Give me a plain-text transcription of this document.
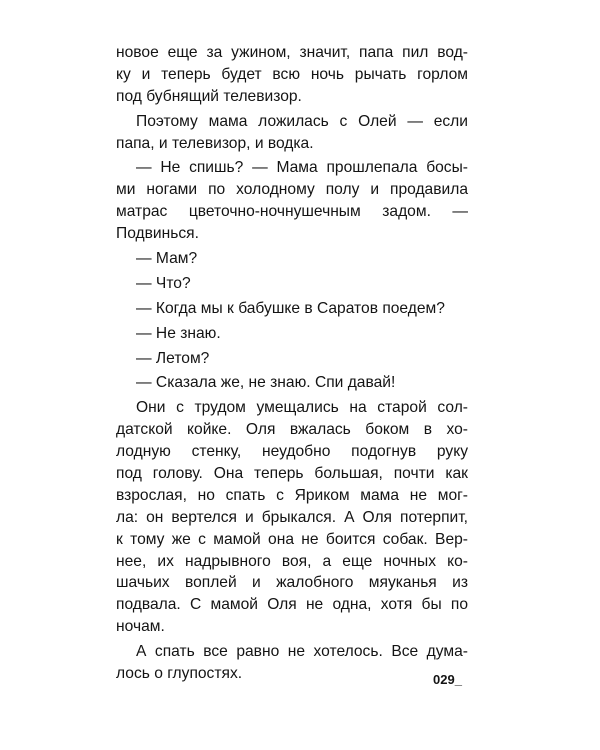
новое еще за ужином, значит, папа пил вод-
ку и теперь будет всю ночь рычать горлом
под бубнящий телевизор.
Поэтому мама ложилась с Олей — если
папа, и телевизор, и водка.
— Не спишь? — Мама прошлепала босы-
ми ногами по холодному полу и продавила
матрас цветочно-ночнушечным задом. —
Подвинься.
— Мам?
— Что?
— Когда мы к бабушке в Саратов поедем?
— Не знаю.
— Летом?
— Сказала же, не знаю. Спи давай!
Они с трудом умещались на старой сол-
датской койке. Оля вжалась боком в хо-
лодную стенку, неудобно подогнув руку
под голову. Она теперь большая, почти как
взрослая, но спать с Яриком мама не мог-
ла: он вертелся и брыкался. А Оля потерпит,
к тому же с мамой она не боится собак. Вер-
нее, их надрывного воя, а еще ночных ко-
шачьих воплей и жалобного мяуканья из
подвала. С мамой Оля не одна, хотя бы по
ночам.
А спать все равно не хотелось. Все дума-
лось о глупостях.	029_
